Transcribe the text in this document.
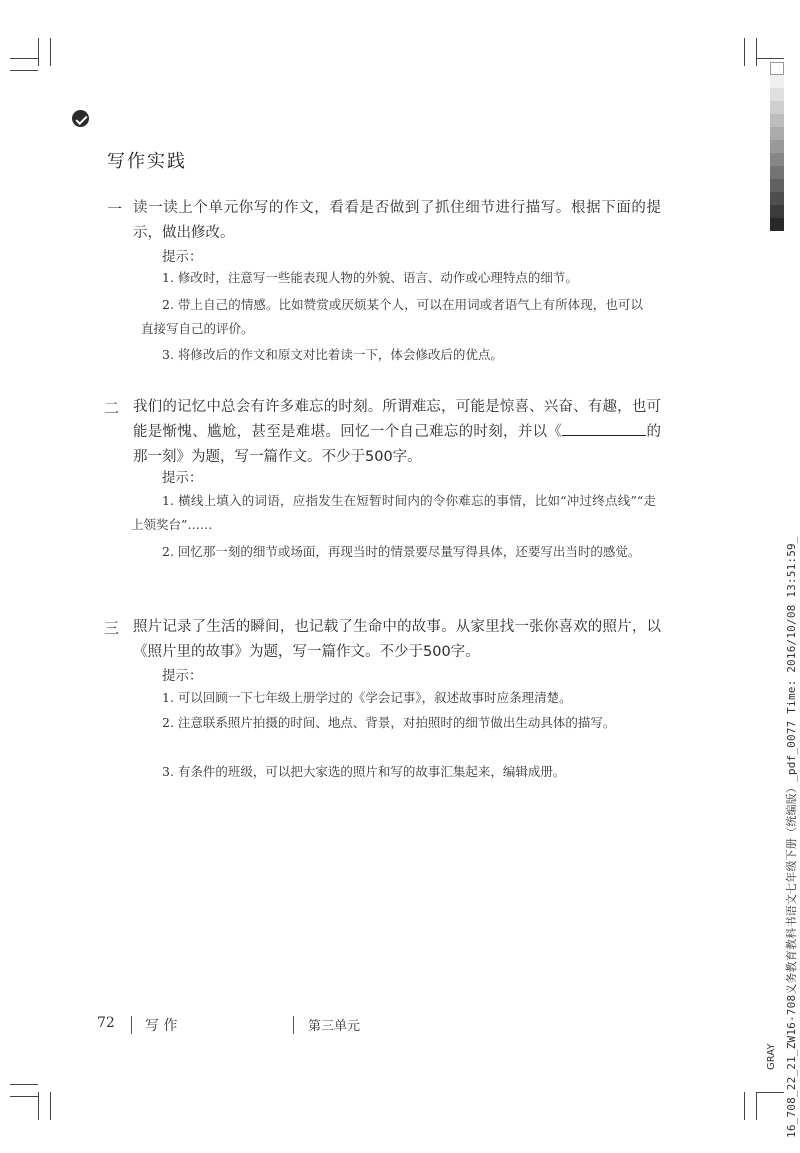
16_708_22_21_ZW16-708义务教育教科书语文七年级下册（统编版）_pdf_0077 Time: 2016/10/08 13:51:59_
GRAY
写作实践
一 读一读上个单元你写的作文，看看是否做到了抓住细节进行描写。根据下面的提示，做出修改。
提示：
1. 修改时，注意写一些能表现人物的外貌、语言、动作或心理特点的细节。
2. 带上自己的情感。比如赞赏或厌烦某个人，可以在用词或者语气上有所体现，也可以直接写自己的评价。
3. 将修改后的作文和原文对比着读一下，体会修改后的优点。
二 我们的记忆中总会有许多难忘的时刻。所谓难忘，可能是惊喜、兴奋、有趣，也可能是惭愧、尴尬，甚至是难堪。回忆一个自己难忘的时刻，并以《	的那一刻》为题，写一篇作文。不少于500字。
提示：
1. 横线上填入的词语，应指发生在短暂时间内的令你难忘的事情，比如“冲过终点线”“走上领奖台”……
2. 回忆那一刻的细节或场面，再现当时的情景要尽量写得具体，还要写出当时的感觉。
三 照片记录了生活的瞬间，也记载了生命中的故事。从家里找一张你喜欢的照片，以《照片里的故事》为题，写一篇作文。不少于500字。
提示：
1. 可以回顾一下七年级上册学过的《学会记事》，叙述故事时应条理清楚。
2. 注意联系照片拍摄的时间、地点、背景，对拍照时的细节做出生动具体的描写。
3. 有条件的班级，可以把大家选的照片和写的故事汇集起来，编辑成册。
72 写 作	第三单元
